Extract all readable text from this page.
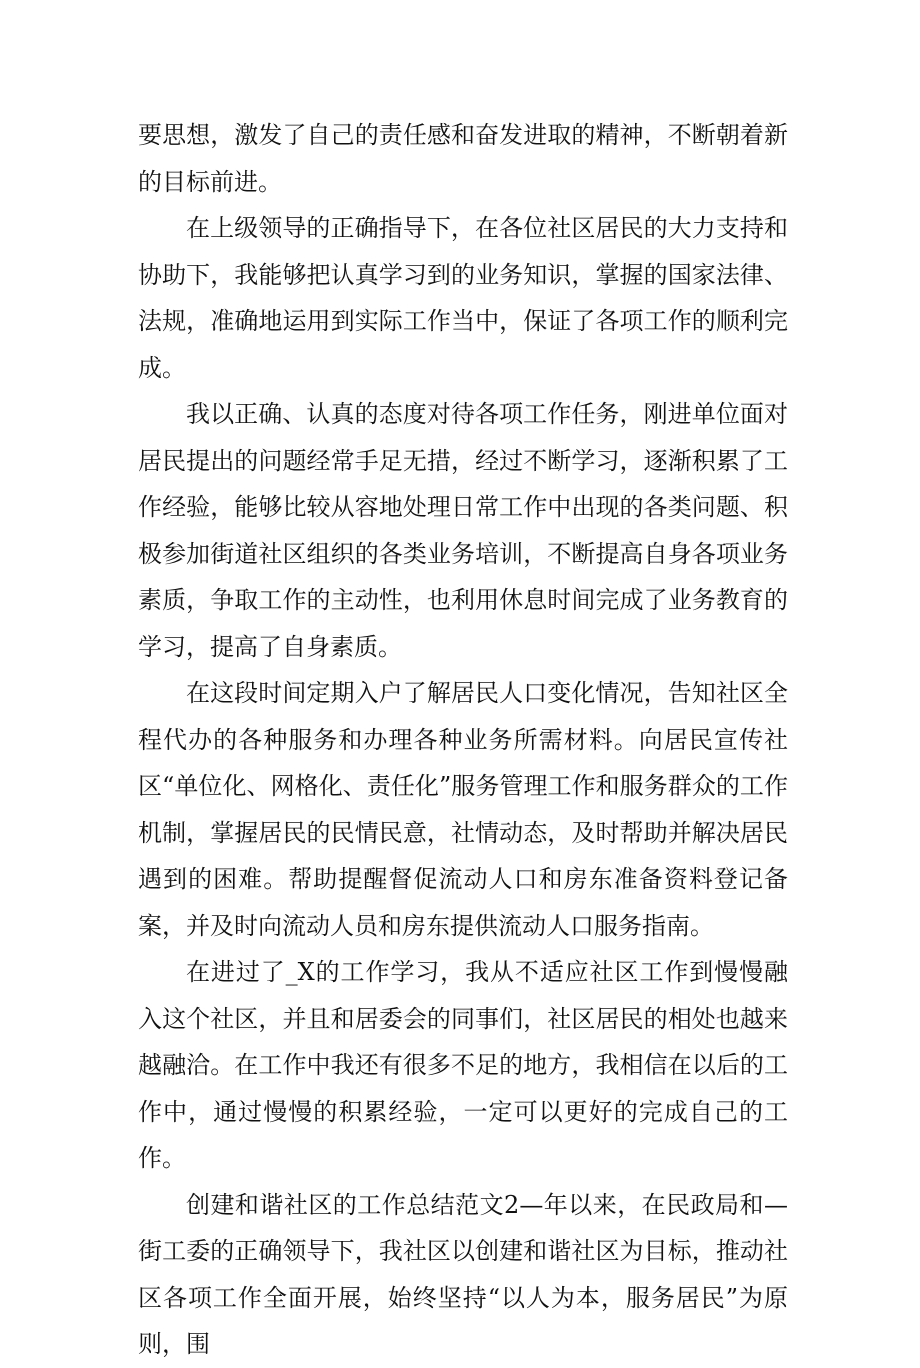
要思想，激发了自己的责任感和奋发进取的精神，不断朝着新的目标前进。

在上级领导的正确指导下，在各位社区居民的大力支持和协助下，我能够把认真学习到的业务知识，掌握的国家法律、法规，准确地运用到实际工作当中，保证了各项工作的顺利完成。

我以正确、认真的态度对待各项工作任务，刚进单位面对居民提出的问题经常手足无措，经过不断学习，逐渐积累了工作经验，能够比较从容地处理日常工作中出现的各类问题、积极参加街道社区组织的各类业务培训，不断提高自身各项业务素质，争取工作的主动性，也利用休息时间完成了业务教育的学习，提高了自身素质。

在这段时间定期入户了解居民人口变化情况，告知社区全程代办的各种服务和办理各种业务所需材料。向居民宣传社区“单位化、网格化、责任化”服务管理工作和服务群众的工作机制，掌握居民的民情民意，社情动态，及时帮助并解决居民遇到的困难。帮助提醒督促流动人口和房东准备资料登记备案，并及时向流动人员和房东提供流动人口服务指南。

在进过了_X的工作学习，我从不适应社区工作到慢慢融入这个社区，并且和居委会的同事们，社区居民的相处也越来越融洽。在工作中我还有很多不足的地方，我相信在以后的工作中，通过慢慢的积累经验，一定可以更好的完成自己的工作。

创建和谐社区的工作总结范文2—年以来，在民政局和—街工委的正确领导下，我社区以创建和谐社区为目标，推动社区各项工作全面开展，始终坚持“以人为本，服务居民”为原则，围
